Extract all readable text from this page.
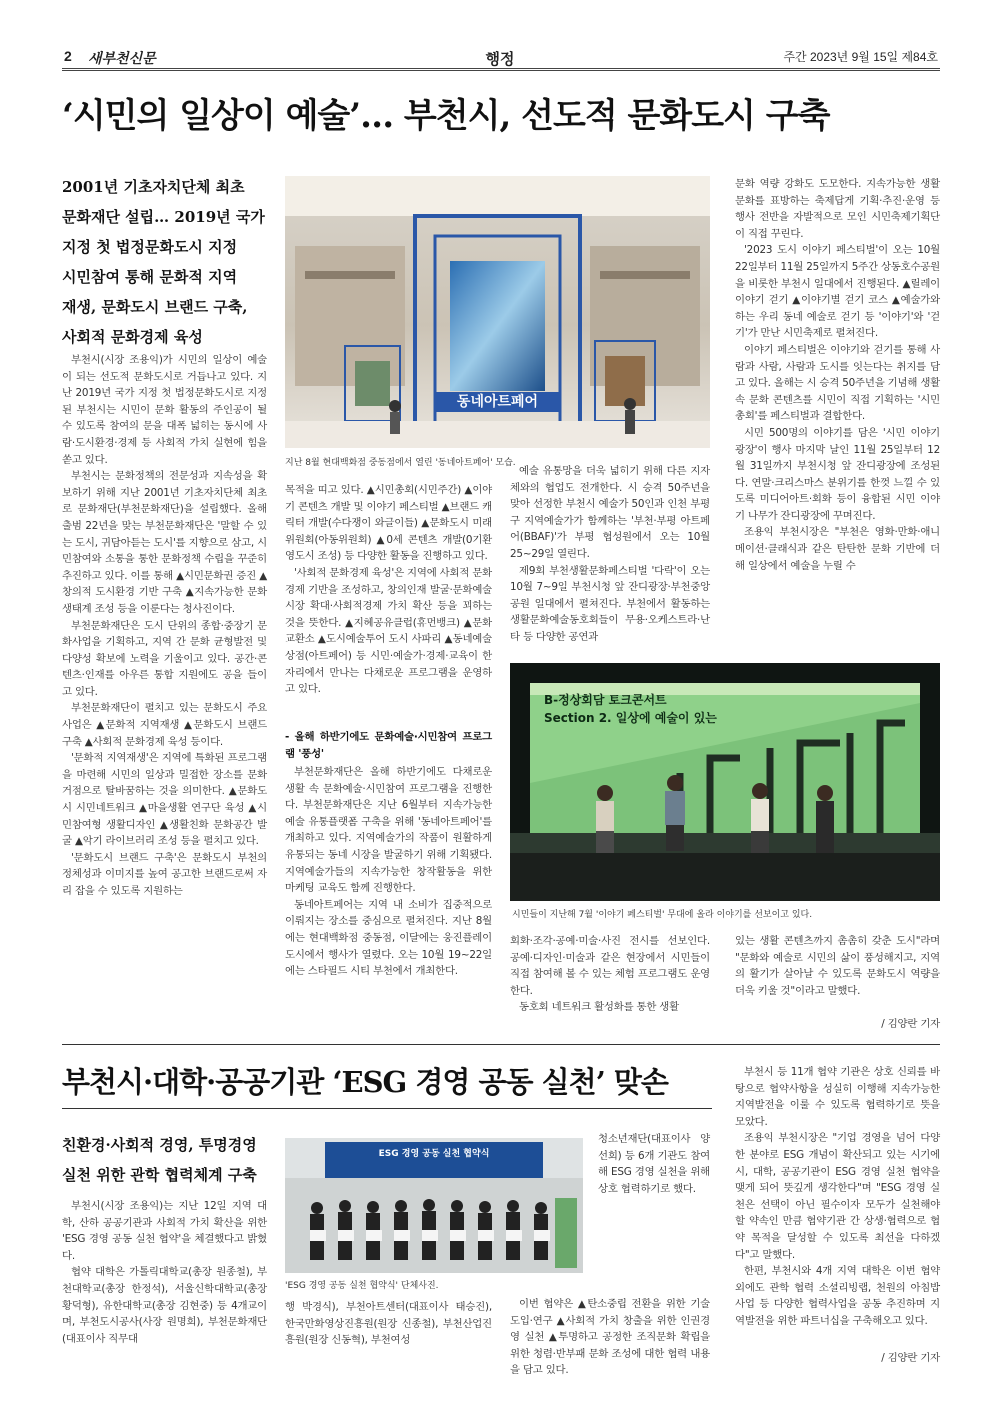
2 새부천신문	행정	주간 2023년 9월 15일 제84호
‘시민의 일상이 예술’… 부천시, 선도적 문화도시 구축
2001년 기초자치단체 최초
문화재단 설립… 2019년 국가
지정 첫 법정문화도시 지정
시민참여 통해 문화적 지역
재생, 문화도시 브랜드 구축,
사회적 문화경제 육성

부천시(시장 조용익)가 시민의 일상이 예술이 되는 선도적 문화도시로 거듭나고 있다. 지난 2019년 국가 지정 첫 법정문화도시로 지정된 부천시는 시민이 문화 활동의 주인공이 될 수 있도록 참여의 문을 대폭 넓히는 동시에 사람·도시환경·경제 등 사회적 가치 실현에 힘을 쏟고 있다.

부천시는 문화정책의 전문성과 지속성을 확보하기 위해 지난 2001년 기초자치단체 최초로 문화재단(부천문화재단)을 설립했다. 올해 출범 22년을 맞는 부천문화재단은 '말할 수 있는 도시, 귀담아듣는 도시'를 지향으로 삼고, 시민참여와 소통을 통한 문화정책 수립을 꾸준히 추진하고 있다. 이를 통해 ▲시민문화권 증진 ▲창의적 도시환경 기반 구축 ▲지속가능한 문화생태계 조성 등을 이룬다는 청사진이다.

부천문화재단은 도시 단위의 종합·중장기 문화사업을 기획하고, 지역 간 문화 균형발전 및 다양성 확보에 노력을 기울이고 있다. 공간·콘텐츠·인재를 아우른 통합 지원에도 공을 들이고 있다.

부천문화재단이 펼치고 있는 문화도시 주요 사업은 ▲문화적 지역재생 ▲문화도시 브랜드 구축 ▲사회적 문화경제 육성 등이다.

'문화적 지역재생'은 지역에 특화된 프로그램을 마련해 시민의 일상과 밀접한 장소를 문화거점으로 탈바꿈하는 것을 의미한다. ▲문화도시 시민네트워크 ▲마을생활 연구단 육성 ▲시민참여형 생활디자인 ▲생활친화 문화공간 발굴 ▲악기 라이브러리 조성 등을 펼치고 있다.

'문화도시 브랜드 구축'은 문화도시 부천의 정체성과 이미지를 높여 공고한 브랜드로써 자리 잡을 수 있도록 지원하는

동네아트페어
지난 8월 현대백화점 중동점에서 열린 '동네아트페어' 모습.

목적을 띠고 있다. ▲시민총회(시민주간) ▲이야기 콘텐츠 개발 및 이야기 페스티벌 ▲브랜드 캐릭터 개발(수다쟁이 와글이들) ▲문화도시 미래위원회(아동위원회) ▲0세 콘텐츠 개발(0기환영도시 조성) 등 다양한 활동을 진행하고 있다.

'사회적 문화경제 육성'은 지역에 사회적 문화경제 기반을 조성하고, 창의인재 발굴·문화예술 시장 확대·사회적경제 가치 확산 등을 꾀하는 것을 뜻한다. ▲지혜공유클럽(휴먼뱅크) ▲문화교환소 ▲도시예술투어 도시 사파리 ▲동네예술상점(아트페어) 등 시민·예술가·경제·교육이 한 자리에서 만나는 다채로운 프로그램을 운영하고 있다.

- 올해 하반기에도 문화예술·시민참여 프로그램 '풍성'

부천문화재단은 올해 하반기에도 다채로운 생활 속 문화예술·시민참여 프로그램을 진행한다. 부천문화재단은 지난 6월부터 지속가능한 예술 유통플랫폼 구축을 위해 '동네아트페어'를 개최하고 있다. 지역예술가의 작품이 원활하게 유통되는 동네 시장을 발굴하기 위해 기획됐다. 지역예술가들의 지속가능한 창작활동을 위한 마케팅 교육도 함께 진행한다.

동네아트페어는 지역 내 소비가 집중적으로 이뤄지는 장소를 중심으로 펼쳐진다. 지난 8월에는 현대백화점 중동점, 이달에는 웅진플레이도시에서 행사가 열렸다. 오는 10월 19~22일에는 스타필드 시티 부천에서 개최한다.

예술 유통망을 더욱 넓히기 위해 다른 지자체와의 협업도 전개한다. 시 승격 50주년을 맞아 선정한 부천시 예술가 50인과 인천 부평구 지역예술가가 함께하는 '부천·부평 아트페어(BBAF)'가 부평 협성원에서 오는 10월 25~29일 열린다.

제9회 부천생활문화페스티벌 '다락'이 오는 10월 7~9일 부천시청 앞 잔디광장·부천중앙공원 일대에서 펼쳐진다. 부천에서 활동하는 생활문화예술동호회들이 무용·오케스트라·난타 등 다양한 공연과

문화 역량 강화도 도모한다. 지속가능한 생활문화를 표방하는 축제답게 기획·추진·운영 등 행사 전반을 자발적으로 모인 시민축제기획단이 직접 꾸린다.

'2023 도시 이야기 페스티벌'이 오는 10월 22일부터 11월 25일까지 5주간 상동호수공원을 비롯한 부천시 일대에서 진행된다. ▲릴레이 이야기 걷기 ▲이야기별 걷기 코스 ▲예술가와 하는 우리 동네 예술로 걷기 등 '이야기'와 '걷기'가 만난 시민축제로 펼쳐진다.

이야기 페스티벌은 이야기와 걷기를 통해 사람과 사람, 사람과 도시를 잇는다는 취지를 담고 있다. 올해는 시 승격 50주년을 기념해 생활 속 문화 콘텐츠를 시민이 직접 기획하는 '시민총회'를 페스티벌과 결합한다.

시민 500명의 이야기를 담은 '시민 이야기 광장'이 행사 마지막 날인 11월 25일부터 12월 31일까지 부천시청 앞 잔디광장에 조성된다. 연말·크리스마스 분위기를 한껏 느낄 수 있도록 미디어아트·회화 등이 융합된 시민 이야기 나무가 잔디광장에 꾸며진다.

조용익 부천시장은 "부천은 영화·만화·애니메이션·클래식과 같은 탄탄한 문화 기반에 더해 일상에서 예술을 누릴 수

B-정상회담 토크콘서트
Section 2. 일상에 예술이 있는
시민들이 지난해 7월 '이야기 페스티벌' 무대에 올라 이야기를 선보이고 있다.

회화·조각·공예·미술·사진 전시를 선보인다. 공예·디자인·미술과 같은 현장에서 시민들이 직접 참여해 볼 수 있는 체험 프로그램도 운영한다.

동호회 네트워크 활성화를 통한 생활

있는 생활 콘텐츠까지 촘촘히 갖춘 도시"라며 "문화와 예술로 시민의 삶이 풍성해지고, 지역의 활기가 살아날 수 있도록 문화도시 역량을 더욱 키울 것"이라고 말했다.

/ 김양란 기자
부천시·대학·공공기관 ‘ESG 경영 공동 실천’ 맞손
친환경·사회적 경영, 투명경영
실천 위한 관학 협력체계 구축

부천시(시장 조용익)는 지난 12일 지역 대학, 산하 공공기관과 사회적 가치 확산을 위한 'ESG 경영 공동 실천 협약'을 체결했다고 밝혔다.

협약 대학은 가톨릭대학교(총장 원종철), 부천대학교(총장 한정석), 서울신학대학교(총장 황덕형), 유한대학교(총장 김현중) 등 4개교이며, 부천도시공사(사장 원명희), 부천문화재단(대표이사 직무대

ESG 경영 공동 실천 협약식
'ESG 경영 공동 실천 협약식' 단체사진.

행 박경식), 부천아트센터(대표이사 태승진), 한국만화영상진흥원(원장 신종철), 부천산업진흥원(원장 신동혁), 부천여성

청소년재단(대표이사 양선희) 등 6개 기관도 참여해 ESG 경영 실천을 위해 상호 협력하기로 했다.

이번 협약은 ▲탄소중립 전환을 위한 기술 도입·연구 ▲사회적 가치 창출을 위한 인권경영 실천 ▲투명하고 공정한 조직문화 확립을 위한 청렴·반부패 문화 조성에 대한 협력 내용을 담고 있다.

부천시 등 11개 협약 기관은 상호 신뢰를 바탕으로 협약사항을 성실히 이행해 지속가능한 지역발전을 이룰 수 있도록 협력하기로 뜻을 모았다.

조용익 부천시장은 "기업 경영을 넘어 다양한 분야로 ESG 개념이 확산되고 있는 시기에 시, 대학, 공공기관이 ESG 경영 실천 협약을 맺게 되어 뜻깊게 생각한다"며 "ESG 경영 실천은 선택이 아닌 필수이자 모두가 실천해야 할 약속인 만큼 협약기관 간 상생·협력으로 협약 목적을 달성할 수 있도록 최선을 다하겠다"고 말했다.

한편, 부천시와 4개 지역 대학은 이번 협약 외에도 관학 협력 소셜리빙랩, 천원의 아침밥 사업 등 다양한 협력사업을 공동 추진하며 지역발전을 위한 파트너십을 구축해오고 있다.

/ 김양란 기자
